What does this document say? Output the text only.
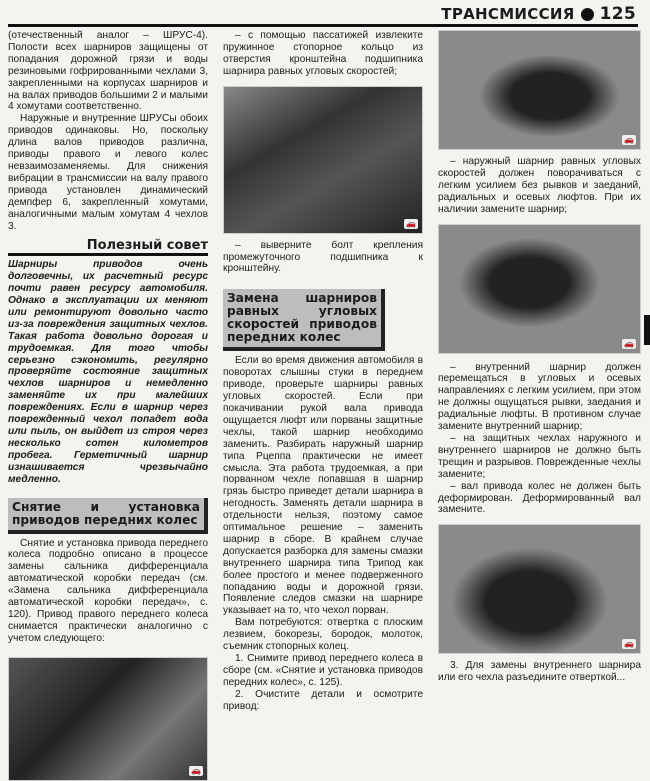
ТРАНСМИССИЯ 125

(отечественный аналог – ШРУС-4). Полости всех шарниров защищены от попадания дорожной грязи и воды резиновыми гофрированными чехлами 3, закрепленными на корпусах шарниров и на валах приводов большими 2 и малыми 4 хомутами соответственно.

Наружные и внутренние ШРУСы обоих приводов одинаковы. Но, поскольку длина валов приводов различна, приводы правого и левого колес невзаимозаменяемы. Для снижения вибрации в трансмиссии на валу правого привода установлен динамический демпфер 6, закрепленный хомутами, аналогичными малым хомутам 4 чехлов 3.

Полезный совет

Шарниры приводов очень долговечны, их расчетный ресурс почти равен ресурсу автомобиля. Однако в эксплуатации их меняют или ремонтируют довольно часто из-за повреждения защитных чехлов. Такая работа довольно дорогая и трудоемкая. Для того чтобы серьезно сэкономить, регулярно проверяйте состояние защитных чехлов шарниров и немедленно заменяйте их при малейших повреждениях. Если в шарнир через поврежденный чехол попадет вода или пыль, он выйдет из строя через несколько сотен километров пробега. Герметичный шарнир изнашивается чрезвычайно медленно.

Снятие и установка приводов передних колес

Снятие и установка привода переднего колеса подробно описано в процессе замены сальника дифференциала автоматической коробки передач (см. «Замена сальника дифференциала автоматической коробки передач», с. 120). Привод правого переднего колеса снимается практически аналогично с учетом следующего:

🚗

– с помощью пассатижей извлеките пружинное стопорное кольцо из отверстия кронштейна подшипника шарнира равных угловых скоростей;

🚗

– выверните болт крепления промежуточного подшипника к кронштейну.

Замена шарниров равных угловых скоростей приводов передних колес

Если во время движения автомобиля в поворотах слышны стуки в переднем приводе, проверьте шарниры равных угловых скоростей. Если при покачивании рукой вала привода ощущается люфт или порваны защитные чехлы, такой шарнир необходимо заменить. Разбирать наружный шарнир типа Рцеппа практически не имеет смысла. Эта работа трудоемкая, а при порванном чехле попавшая в шарнир грязь быстро приведет детали шарнира в негодность. Заменять детали шарнира в отдельности нельзя, поэтому самое оптимальное решение – заменить шарнир в сборе. В крайнем случае допускается разборка для замены смазки внутреннего шарнира типа Трипод как более простого и менее подверженного попаданию воды и дорожной грязи. Появление следов смазки на шарнире указывает на то, что чехол порван.

Вам потребуются: отвертка с плоским лезвием, бокорезы, бородок, молоток, съемник стопорных колец.

1. Снимите привод переднего колеса в сборе (см. «Снятие и установка приводов передних колес», с. 125).

2. Очистите детали и осмотрите привод:

🚗

– наружный шарнир равных угловых скоростей должен поворачиваться с легким усилием без рывков и заеданий, радиальных и осевых люфтов. При их наличии замените шарнир;

🚗

– внутренний шарнир должен перемещаться в угловых и осевых направлениях с легким усилием, при этом не должны ощущаться рывки, заедания и радиальные люфты. В противном случае замените внутренний шарнир;

– на защитных чехлах наружного и внутреннего шарниров не должно быть трещин и разрывов. Поврежденные чехлы замените;

– вал привода колес не должен быть деформирован. Деформированный вал замените.

🚗

3. Для замены внутреннего шарнира или его чехла разъедините отверткой...
